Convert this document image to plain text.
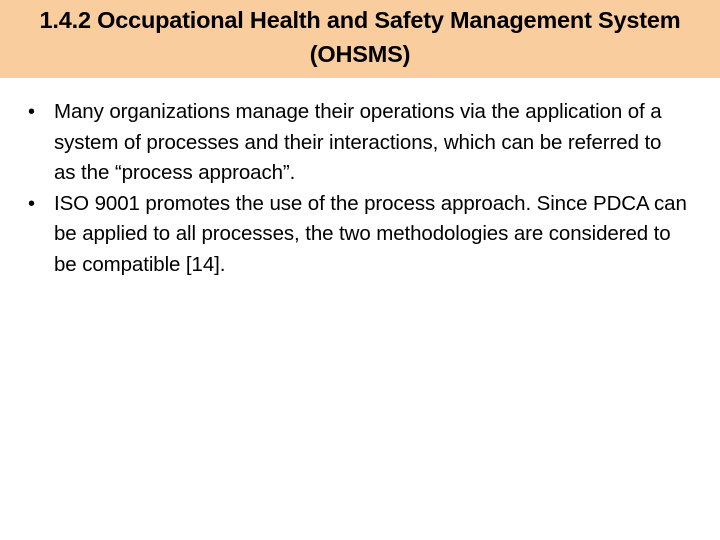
1.4.2 Occupational Health and Safety Management System (OHSMS)
• Many organizations manage their operations via the application of a system of processes and their interactions, which can be referred to as the “process approach”.
• ISO 9001 promotes the use of the process approach. Since PDCA can be applied to all processes, the two methodologies are considered to be compatible [14].
